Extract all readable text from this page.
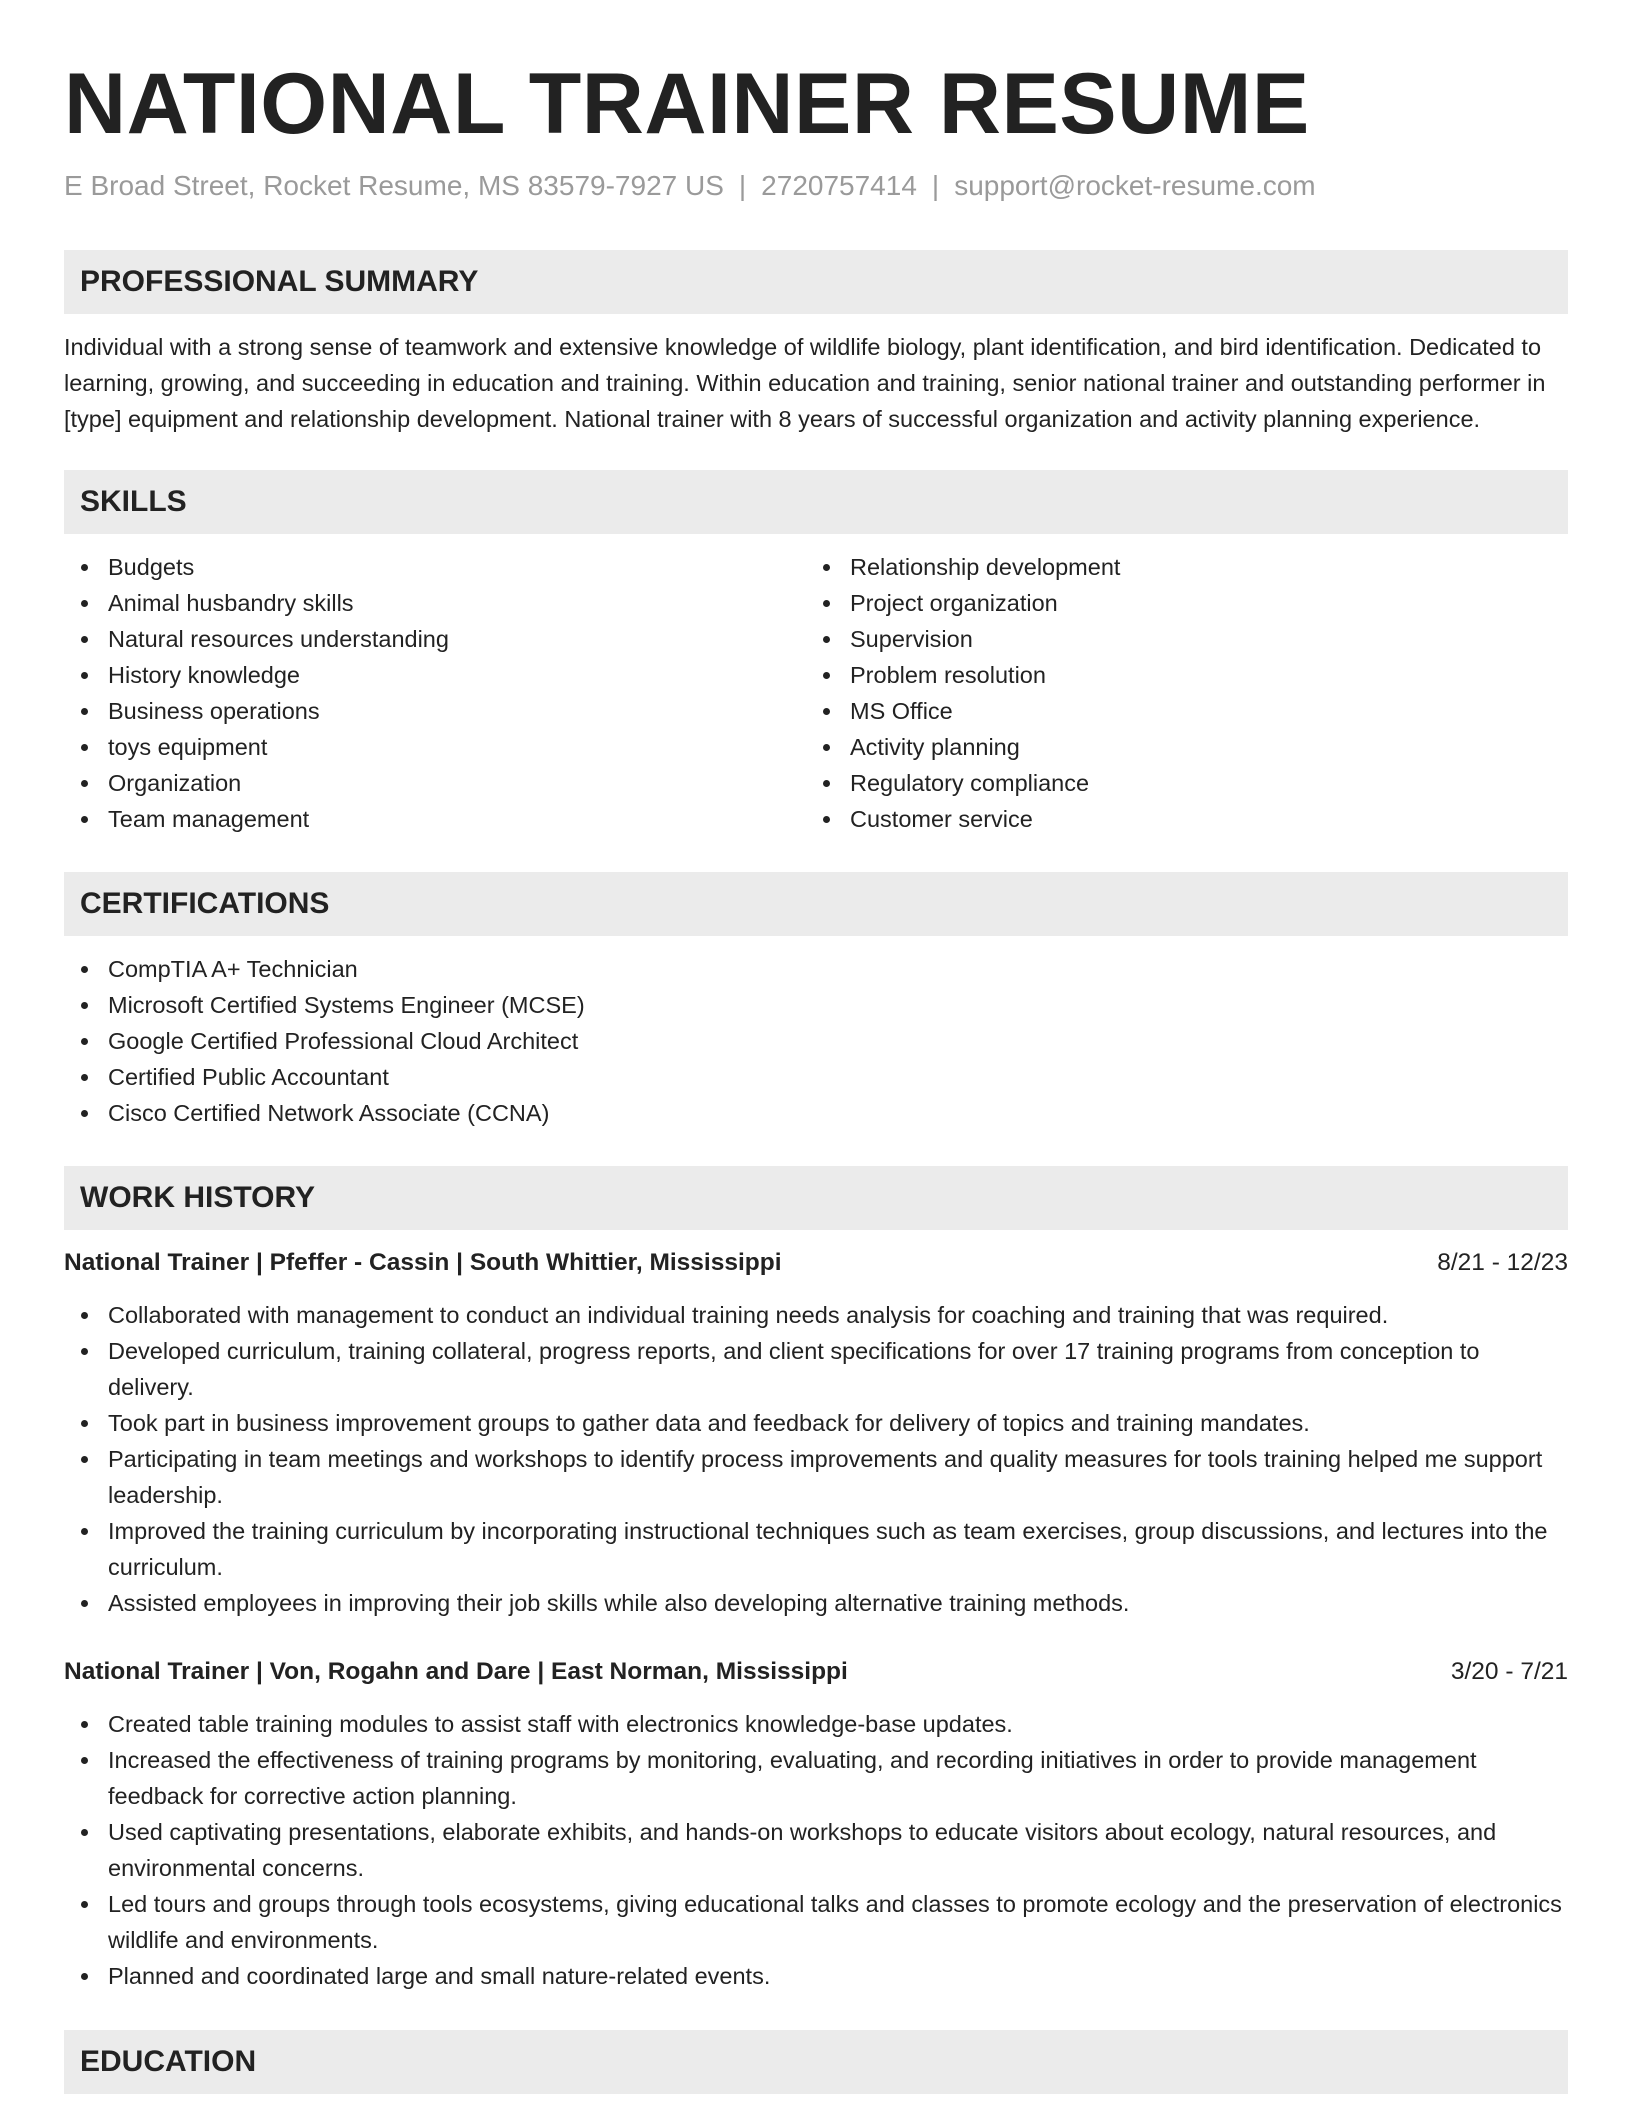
NATIONAL TRAINER RESUME
E Broad Street, Rocket Resume, MS 83579-7927 US | 2720757414 | support@rocket-resume.com
PROFESSIONAL SUMMARY

Individual with a strong sense of teamwork and extensive knowledge of wildlife biology, plant identification, and bird identification. Dedicated to learning, growing, and succeeding in education and training. Within education and training, senior national trainer and outstanding performer in [type] equipment and relationship development. National trainer with 8 years of successful organization and activity planning experience.

SKILLS
Budgets
Animal husbandry skills
Natural resources understanding
History knowledge
Business operations
toys equipment
Organization
Team management
Relationship development
Project organization
Supervision
Problem resolution
MS Office
Activity planning
Regulatory compliance
Customer service
CERTIFICATIONS
CompTIA A+ Technician
Microsoft Certified Systems Engineer (MCSE)
Google Certified Professional Cloud Architect
Certified Public Accountant
Cisco Certified Network Associate (CCNA)
WORK HISTORY
National Trainer | Pfeffer - Cassin | South Whittier, Mississippi	8/21 - 12/23
Collaborated with management to conduct an individual training needs analysis for coaching and training that was required.
Developed curriculum, training collateral, progress reports, and client specifications for over 17 training programs from conception to delivery.
Took part in business improvement groups to gather data and feedback for delivery of topics and training mandates.
Participating in team meetings and workshops to identify process improvements and quality measures for tools training helped me support leadership.
Improved the training curriculum by incorporating instructional techniques such as team exercises, group discussions, and lectures into the curriculum.
Assisted employees in improving their job skills while also developing alternative training methods.
National Trainer | Von, Rogahn and Dare | East Norman, Mississippi	3/20 - 7/21
Created table training modules to assist staff with electronics knowledge-base updates.
Increased the effectiveness of training programs by monitoring, evaluating, and recording initiatives in order to provide management feedback for corrective action planning.
Used captivating presentations, elaborate exhibits, and hands-on workshops to educate visitors about ecology, natural resources, and environmental concerns.
Led tours and groups through tools ecosystems, giving educational talks and classes to promote ecology and the preservation of electronics wildlife and environments.
Planned and coordinated large and small nature-related events.
EDUCATION
